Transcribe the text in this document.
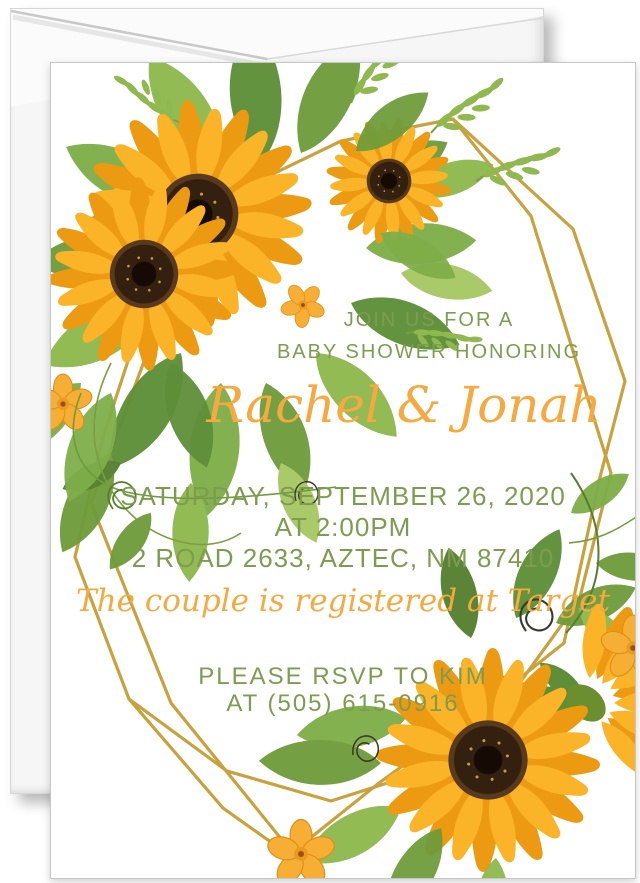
JOIN US FOR A
BABY SHOWER HONORING
Rachel & Jonah
SATURDAY, SEPTEMBER 26, 2020
AT 2:00PM
2 ROAD 2633, AZTEC, NM 87410
The couple is registered at Target
PLEASE RSVP TO KIM
AT (505) 615-0916
